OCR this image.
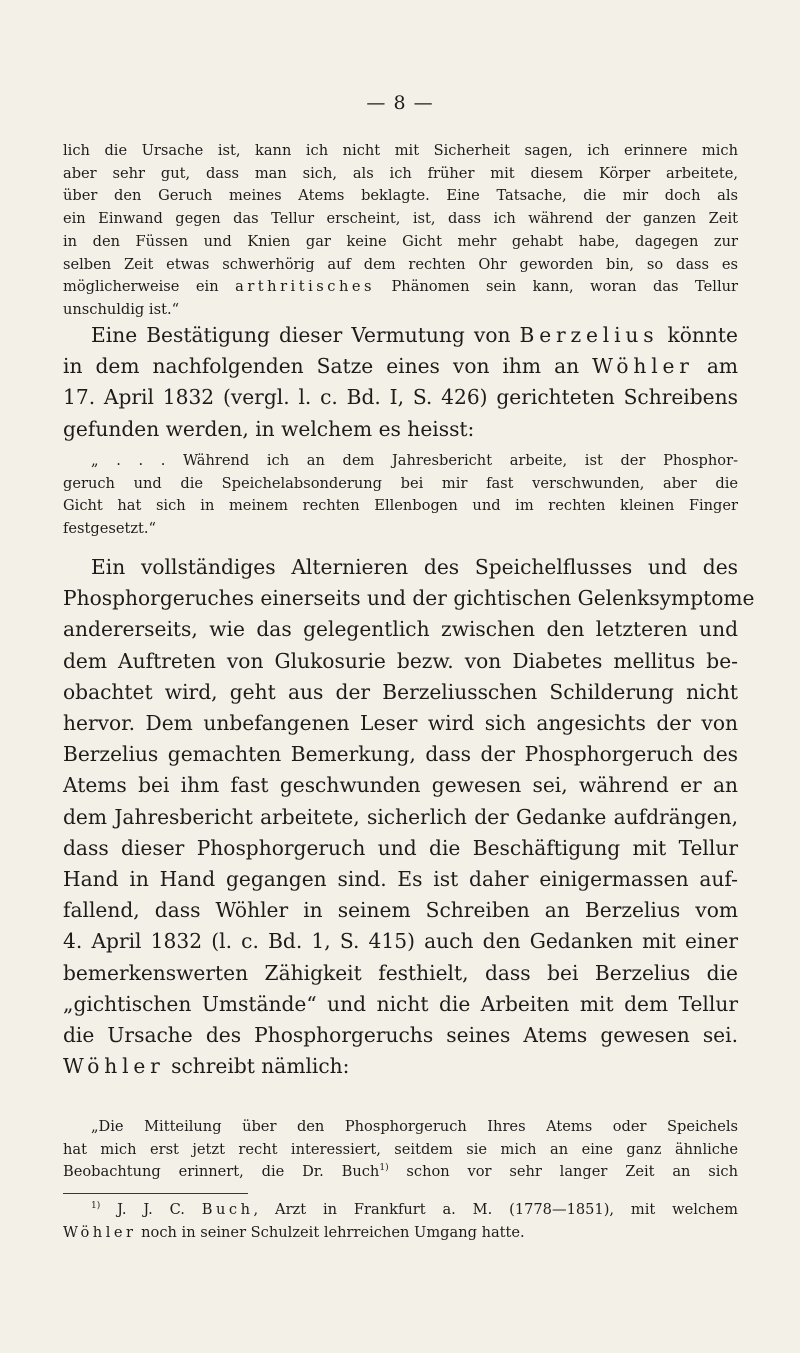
— 8 —
lich die Ursache ist, kann ich nicht mit Sicherheit sagen, ich erinnere mich
aber sehr gut, dass man sich, als ich früher mit diesem Körper arbeitete,
über den Geruch meines Atems beklagte. Eine Tatsache, die mir doch als
ein Einwand gegen das Tellur erscheint, ist, dass ich während der ganzen Zeit
in den Füssen und Knien gar keine Gicht mehr gehabt habe, dagegen zur
selben Zeit etwas schwerhörig auf dem rechten Ohr geworden bin, so dass es
möglicherweise ein arthritisches Phänomen sein kann, woran das Tellur
unschuldig ist.“
Eine Bestätigung dieser Vermutung von Berzelius könnte
in dem nachfolgenden Satze eines von ihm an Wöhler am
17. April 1832 (vergl. l. c. Bd. I, S. 426) gerichteten Schreibens
gefunden werden, in welchem es heisst:
„ . . . Während ich an dem Jahresbericht arbeite, ist der Phosphor-
geruch und die Speichelabsonderung bei mir fast verschwunden, aber die
Gicht hat sich in meinem rechten Ellenbogen und im rechten kleinen Finger
festgesetzt.“
Ein vollständiges Alternieren des Speichelflusses und des
Phosphorgeruches einerseits und der gichtischen Gelenksymptome
andererseits, wie das gelegentlich zwischen den letzteren und
dem Auftreten von Glukosurie bezw. von Diabetes mellitus be-
obachtet wird, geht aus der Berzeliusschen Schilderung nicht
hervor. Dem unbefangenen Leser wird sich angesichts der von
Berzelius gemachten Bemerkung, dass der Phosphorgeruch des
Atems bei ihm fast geschwunden gewesen sei, während er an
dem Jahresbericht arbeitete, sicherlich der Gedanke aufdrängen,
dass dieser Phosphorgeruch und die Beschäftigung mit Tellur
Hand in Hand gegangen sind. Es ist daher einigermassen auf-
fallend, dass Wöhler in seinem Schreiben an Berzelius vom
4. April 1832 (l. c. Bd. 1, S. 415) auch den Gedanken mit einer
bemerkenswerten Zähigkeit festhielt, dass bei Berzelius die
„gichtischen Umstände“ und nicht die Arbeiten mit dem Tellur
die Ursache des Phosphorgeruchs seines Atems gewesen sei.
Wöhler schreibt nämlich:
„Die Mitteilung über den Phosphorgeruch Ihres Atems oder Speichels
hat mich erst jetzt recht interessiert, seitdem sie mich an eine ganz ähnliche
Beobachtung erinnert, die Dr. Buch$^{1)}$ schon vor sehr langer Zeit an sich
$^{1)}$ J. J. C. Buch, Arzt in Frankfurt a. M. (1778—1851), mit welchem
Wöhler noch in seiner Schulzeit lehrreichen Umgang hatte.
